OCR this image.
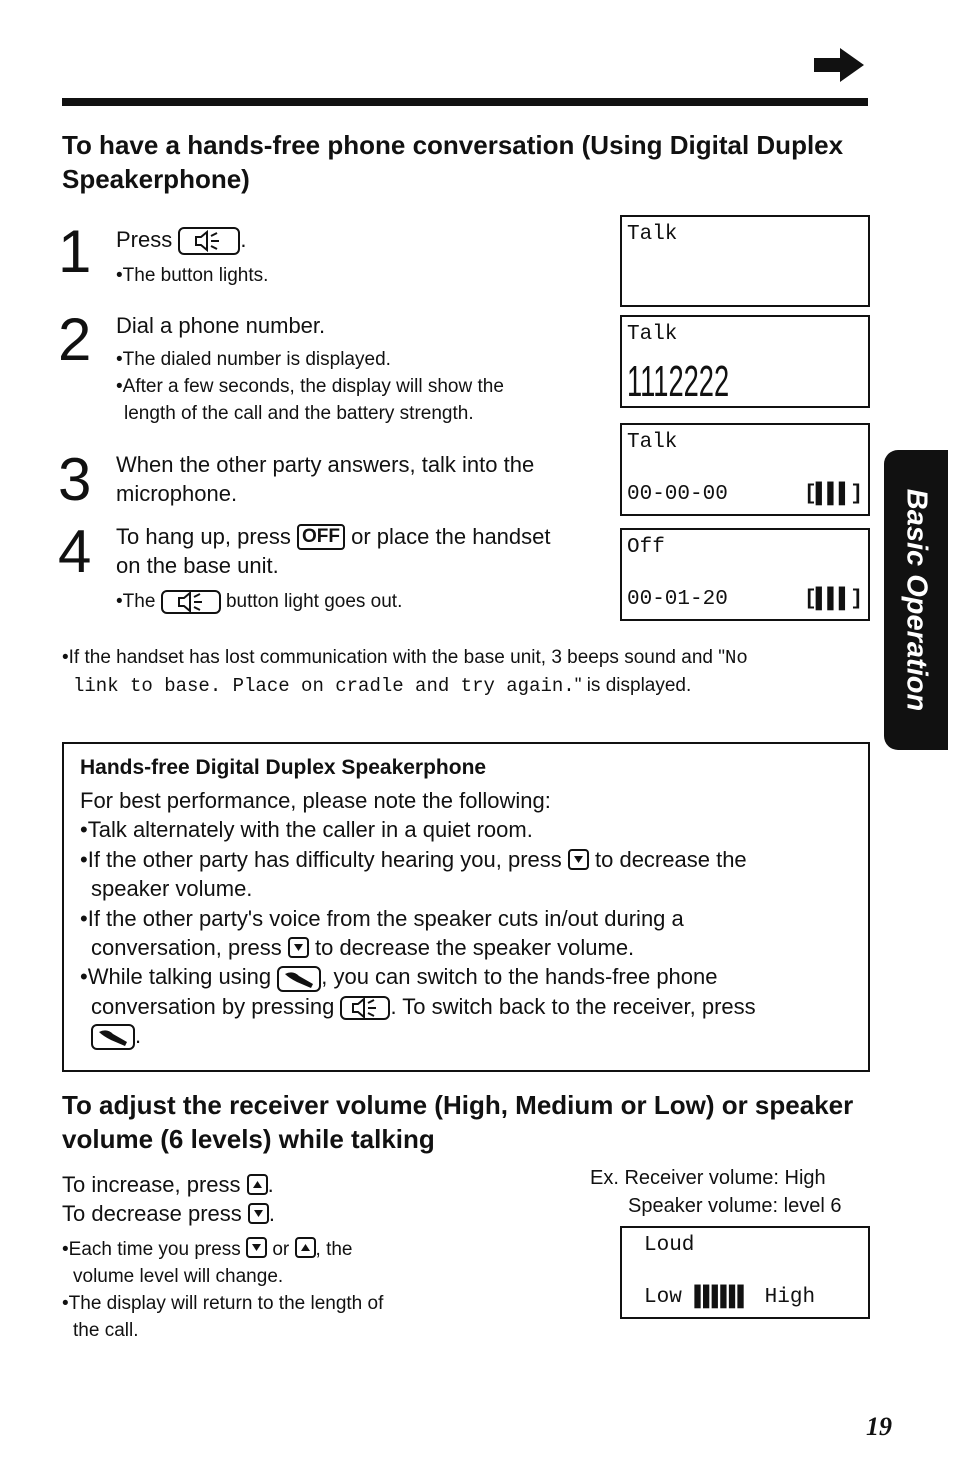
To have a hands-free phone conversation (Using Digital Duplex Speakerphone)
1	Press	.
•The button lights.
2	Dial a phone number.
•The dialed number is displayed.
•After a few seconds, the display will show the
length of the call and the battery strength.
3	When the other party answers, talk into the microphone.
4	To hang up, press OFF or place the handset on the base unit.
•The	button light goes out.
Talk
Talk
1112222
Talk
00-00-00	[▌▌▌]
Off
00-01-20	[▌▌▌] Basic Operation
•If the handset has lost communication with the base unit, 3 beeps sound and "No
link to base. Place on cradle and try again." is displayed.
Hands-free Digital Duplex Speakerphone
For best performance, please note the following:
•Talk alternately with the caller in a quiet room.
•If the other party has difficulty hearing you, press
to decrease the
speaker volume.
•If the other party's voice from the speaker cuts in/out during a
conversation, press
to decrease the speaker volume.
•While talking using
, you can switch to the hands-free phone
conversation by pressing
. To switch back to the receiver, press
.
To adjust the receiver volume (High, Medium or Low) or speaker volume (6 levels) while talking
To increase, press
.
To decrease press
.
•Each time you press
or
, the
volume level will change.
•The display will return to the length of
the call.
Ex. Receiver volume: High
Speaker volume: level 6
Loud
Low ▌▌▌▌▌▌ High
19
